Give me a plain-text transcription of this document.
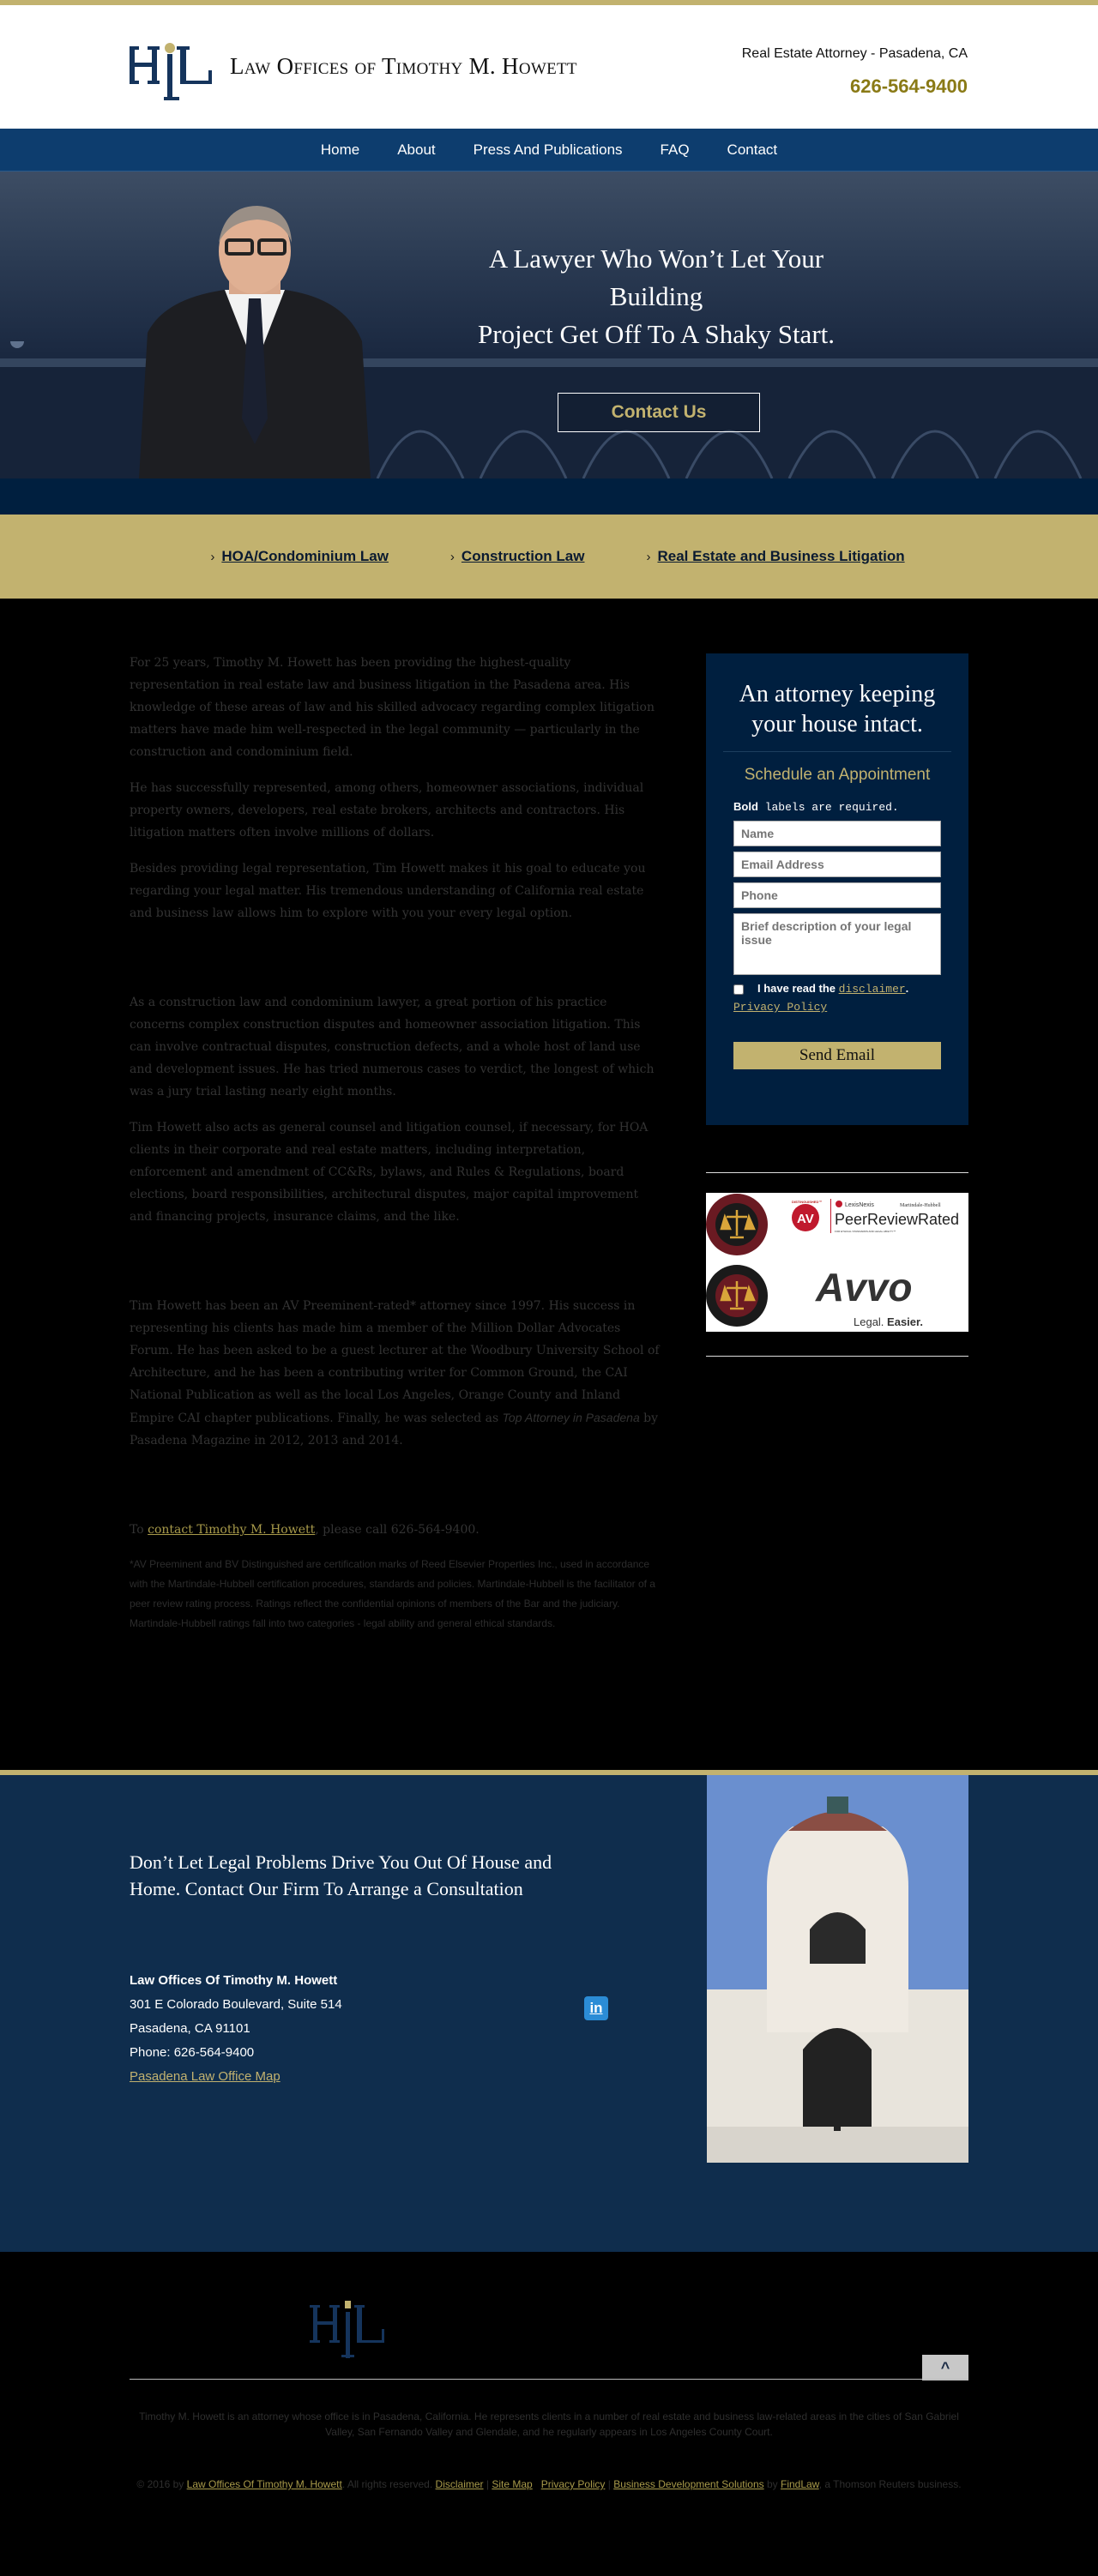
Law Offices of Timothy M. Howett	Real Estate Attorney - Pasadena, CA
626-564-9400
Home	About	Press And Publications	FAQ	Contact
A Lawyer Who Won’t Let Your Building
Project Get Off To A Shaky Start.
Contact Us
› HOA/Condominium Law	› Construction Law	› Real Estate and Business Litigation

For 25 years, Timothy M. Howett has been providing the highest-quality representation in real estate law and business litigation in the Pasadena area. His knowledge of these areas of law and his skilled advocacy regarding complex litigation matters have made him well-respected in the legal community — particularly in the construction and condominium field.

He has successfully represented, among others, homeowner associations, individual property owners, developers, real estate brokers, architects and contractors. His litigation matters often involve millions of dollars.

Besides providing legal representation, Tim Howett makes it his goal to educate you regarding your legal matter. His tremendous understanding of California real estate and business law allows him to explore with you your every legal option.

As a construction law and condominium lawyer, a great portion of his practice concerns complex construction disputes and homeowner association litigation. This can involve contractual disputes, construction defects, and a whole host of land use and development issues. He has tried numerous cases to verdict, the longest of which was a jury trial lasting nearly eight months.

Tim Howett also acts as general counsel and litigation counsel, if necessary, for HOA clients in their corporate and real estate matters, including interpretation, enforcement and amendment of CC&Rs, bylaws, and Rules & Regulations, board elections, board responsibilities, architectural disputes, major capital improvement and financing projects, insurance claims, and the like.

Tim Howett has been an AV Preeminent-rated* attorney since 1997. His success in representing his clients has made him a member of the Million Dollar Advocates Forum. He has been asked to be a guest lecturer at the Woodbury University School of Architecture, and he has been a contributing writer for Common Ground, the CAI National Publication as well as the local Los Angeles, Orange County and Inland Empire CAI chapter publications. Finally, he was selected as Top Attorney in Pasadena by Pasadena Magazine in 2012, 2013 and 2014.

To contact Timothy M. Howett, please call 626-564-9400.

*AV Preeminent and BV Distinguished are certification marks of Reed Elsevier Properties Inc., used in accordance with the Martindale-Hubbell certification procedures, standards and policies. Martindale-Hubbell is the facilitator of a peer review rating process. Ratings reflect the confidential opinions of members of the Bar and the judiciary. Martindale-Hubbell ratings fall into two categories - legal ability and general ethical standards.

An attorney keeping your house intact.
Schedule an Appointment
Bold labels are required.
Name
Email Address
Phone
Brief description of your legal issue
I have read the disclaimer.
Privacy Policy
Send Email
DISTINGUISHED™
AV
LexisNexis	Martindale-Hubbell
PeerReviewRated
FOR ETHICAL STANDARDS AND LEGAL ABILITY™
Avvo
Legal. Easier.
Don’t Let Legal Problems Drive You Out Of House and Home. Contact Our Firm To Arrange a Consultation
Law Offices Of Timothy M. Howett
301 E Colorado Boulevard, Suite 514
Pasadena, CA 91101
Phone: 626-564-9400
Pasadena Law Office Map
in
^

Timothy M. Howett is an attorney whose office is in Pasadena, California. He represents clients in a number of real estate and business law-related areas in the cities of San Gabriel Valley, San Fernando Valley and Glendale, and he regularly appears in Los Angeles County Court.

© 2016 by Law Offices Of Timothy M. Howett. All rights reserved. Disclaimer | Site Map Privacy Policy | Business Development Solutions by FindLaw, a Thomson Reuters business.
